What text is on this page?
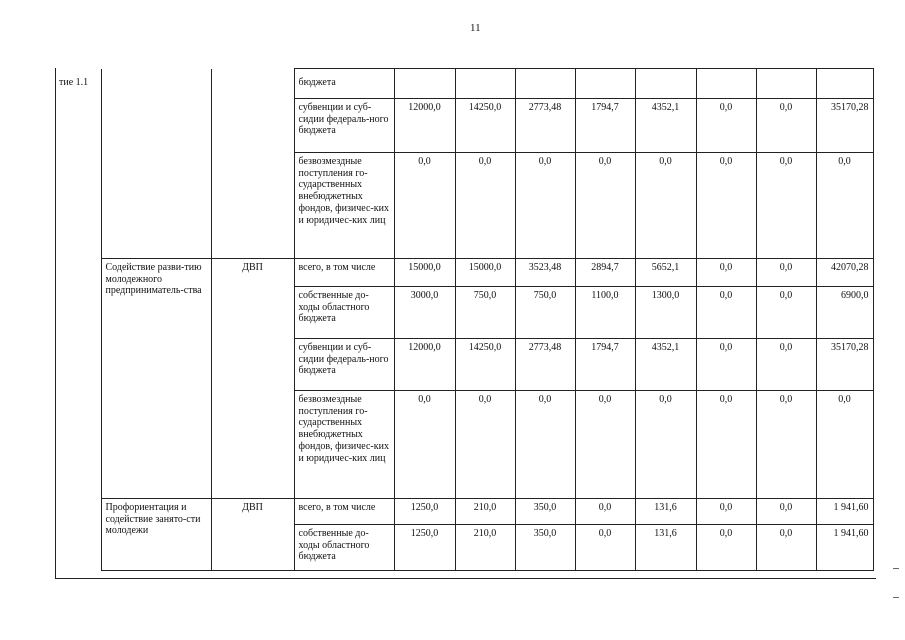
11
тие 1.1			бюджета								
			субвенции и суб-сидии федераль-ного бюджета	12000,0	14250,0	2773,48	1794,7	4352,1	0,0	0,0	35170,28
			безвозмездные поступления го-сударственных внебюджетных фондов, физичес-ких и юридичес-ких лиц	0,0	0,0	0,0	0,0	0,0	0,0	0,0	0,0
	Содействие разви-тию молодежного предприниматель-ства	ДВП	всего, в том числе	15000,0	15000,0	3523,48	2894,7	5652,1	0,0	0,0	42070,28
			собственные до-ходы областного бюджета	3000,0	750,0	750,0	1100,0	1300,0	0,0	0,0	6900,0
			субвенции и суб-сидии федераль-ного бюджета	12000,0	14250,0	2773,48	1794,7	4352,1	0,0	0,0	35170,28
			безвозмездные поступления го-сударственных внебюджетных фондов, физичес-ких и юридичес-ких лиц	0,0	0,0	0,0	0,0	0,0	0,0	0,0	0,0
	Профориентация и содействие занято-сти молодежи	ДВП	всего, в том числе	1250,0	210,0	350,0	0,0	131,6	0,0	0,0	1 941,60
			собственные до-ходы областного бюджета	1250,0	210,0	350,0	0,0	131,6	0,0	0,0	1 941,60
